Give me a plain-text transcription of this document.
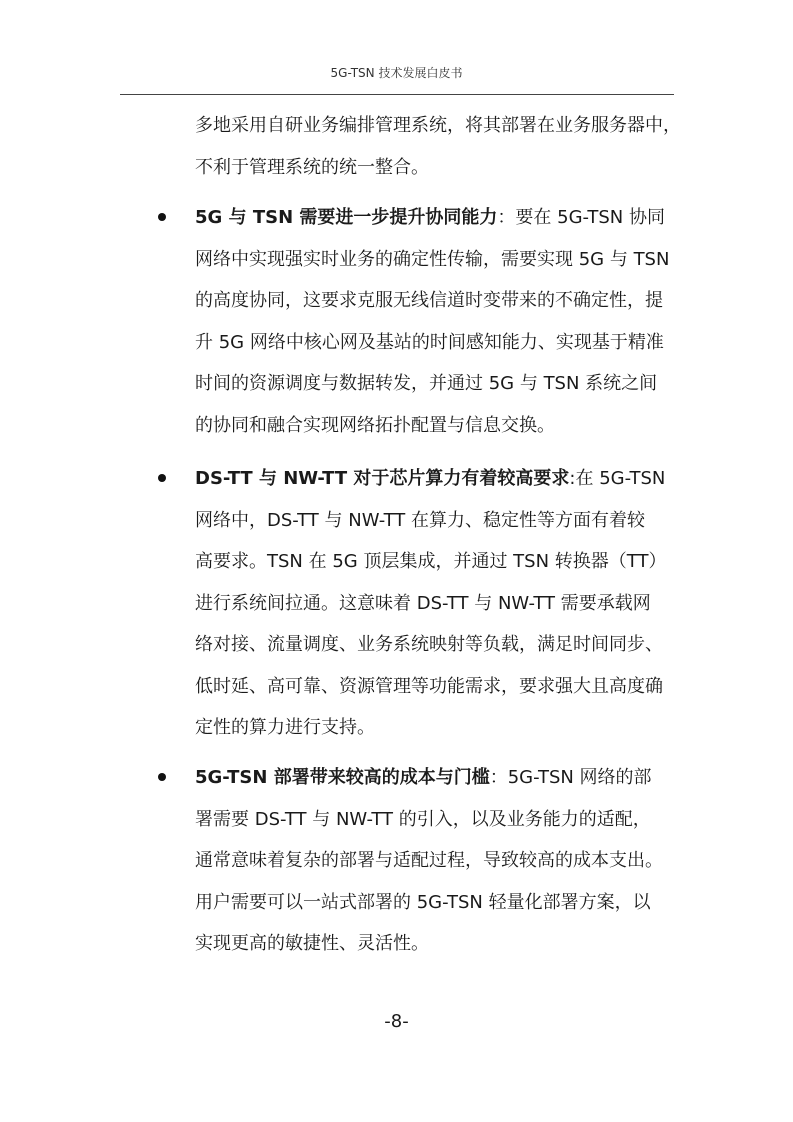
5G-TSN 技术发展白皮书
多地采用自研业务编排管理系统，将其部署在业务服务器中，
不利于管理系统的统一整合。
5G 与 TSN 需要进一步提升协同能力：要在 5G-TSN 协同
网络中实现强实时业务的确定性传输，需要实现 5G 与 TSN
的高度协同，这要求克服无线信道时变带来的不确定性，提
升 5G 网络中核心网及基站的时间感知能力、实现基于精准
时间的资源调度与数据转发，并通过 5G 与 TSN 系统之间
的协同和融合实现网络拓扑配置与信息交换。
DS-TT 与 NW-TT 对于芯片算力有着较高要求:在 5G-TSN
网络中，DS-TT 与 NW-TT 在算力、稳定性等方面有着较
高要求。TSN 在 5G 顶层集成，并通过 TSN 转换器（TT）
进行系统间拉通。这意味着 DS-TT 与 NW-TT 需要承载网
络对接、流量调度、业务系统映射等负载，满足时间同步、
低时延、高可靠、资源管理等功能需求，要求强大且高度确
定性的算力进行支持。
5G-TSN 部署带来较高的成本与门槛：5G-TSN 网络的部
署需要 DS-TT 与 NW-TT 的引入，以及业务能力的适配，
通常意味着复杂的部署与适配过程，导致较高的成本支出。
用户需要可以一站式部署的 5G-TSN 轻量化部署方案，以
实现更高的敏捷性、灵活性。
-8-
